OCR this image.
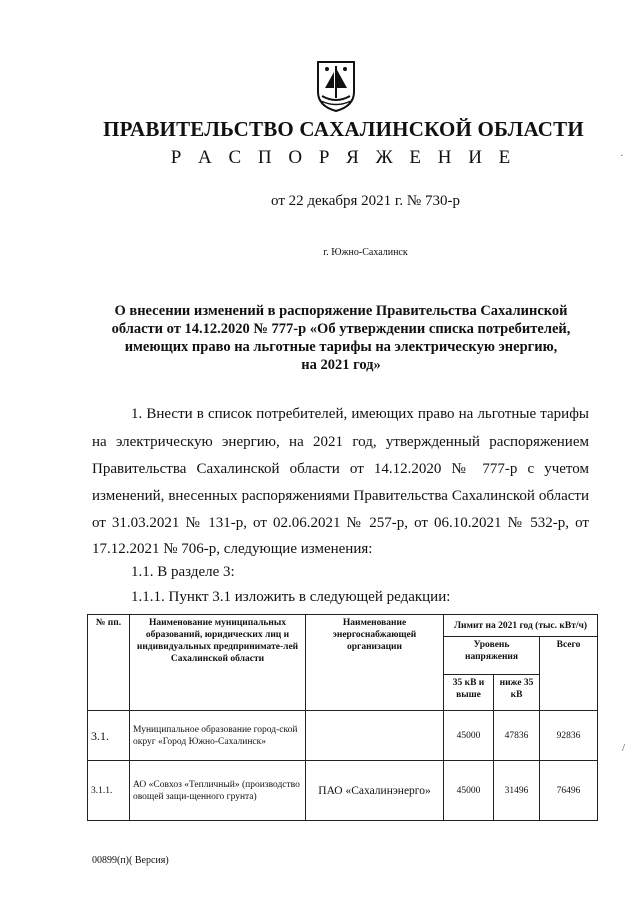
ПРАВИТЕЛЬСТВО САХАЛИНСКОЙ ОБЛАСТИ
Р А С П О Р Я Ж Е Н И Е
от 22 декабря 2021 г. № 730-р
г. Южно-Сахалинск
О внесении изменений в распоряжение Правительства Сахалинской
области от 14.12.2020 № 777-р «Об утверждении списка потребителей,
имеющих право на льготные тарифы на электрическую энергию,
на 2021 год»
1. Внести в список потребителей, имеющих право на льготные тарифы
на электрическую энергию, на 2021 год, утвержденный распоряжением
Правительства Сахалинской области от 14.12.2020 № 777-р с учетом
изменений, внесенных распоряжениями Правительства Сахалинской области
от 31.03.2021 № 131-р, от 02.06.2021 № 257-р, от 06.10.2021 № 532-р, от
17.12.2021 № 706-р, следующие изменения:
1.1. В разделе 3:
1.1.1. Пункт 3.1 изложить в следующей редакции:
№ пп.	Наименование муниципальных образований, юридических лиц и индивидуальных предпринимате-лей Сахалинской области	Наименование энергоснабжающей организации	Лимит на 2021 год (тыс. кВт/ч)		
			Уровень напряжения		Всего
			35 кВ и выше	ниже 35 кВ	
3.1.	Муниципальное образование город-ской округ «Город Южно-Сахалинск»		45000	47836	92836
3.1.1.	АО «Совхоз «Тепличный» (производство овощей защи-щенного грунта)	ПАО «Сахалинэнерго»	45000	31496	76496
00899(п)( Версия)
·
/
